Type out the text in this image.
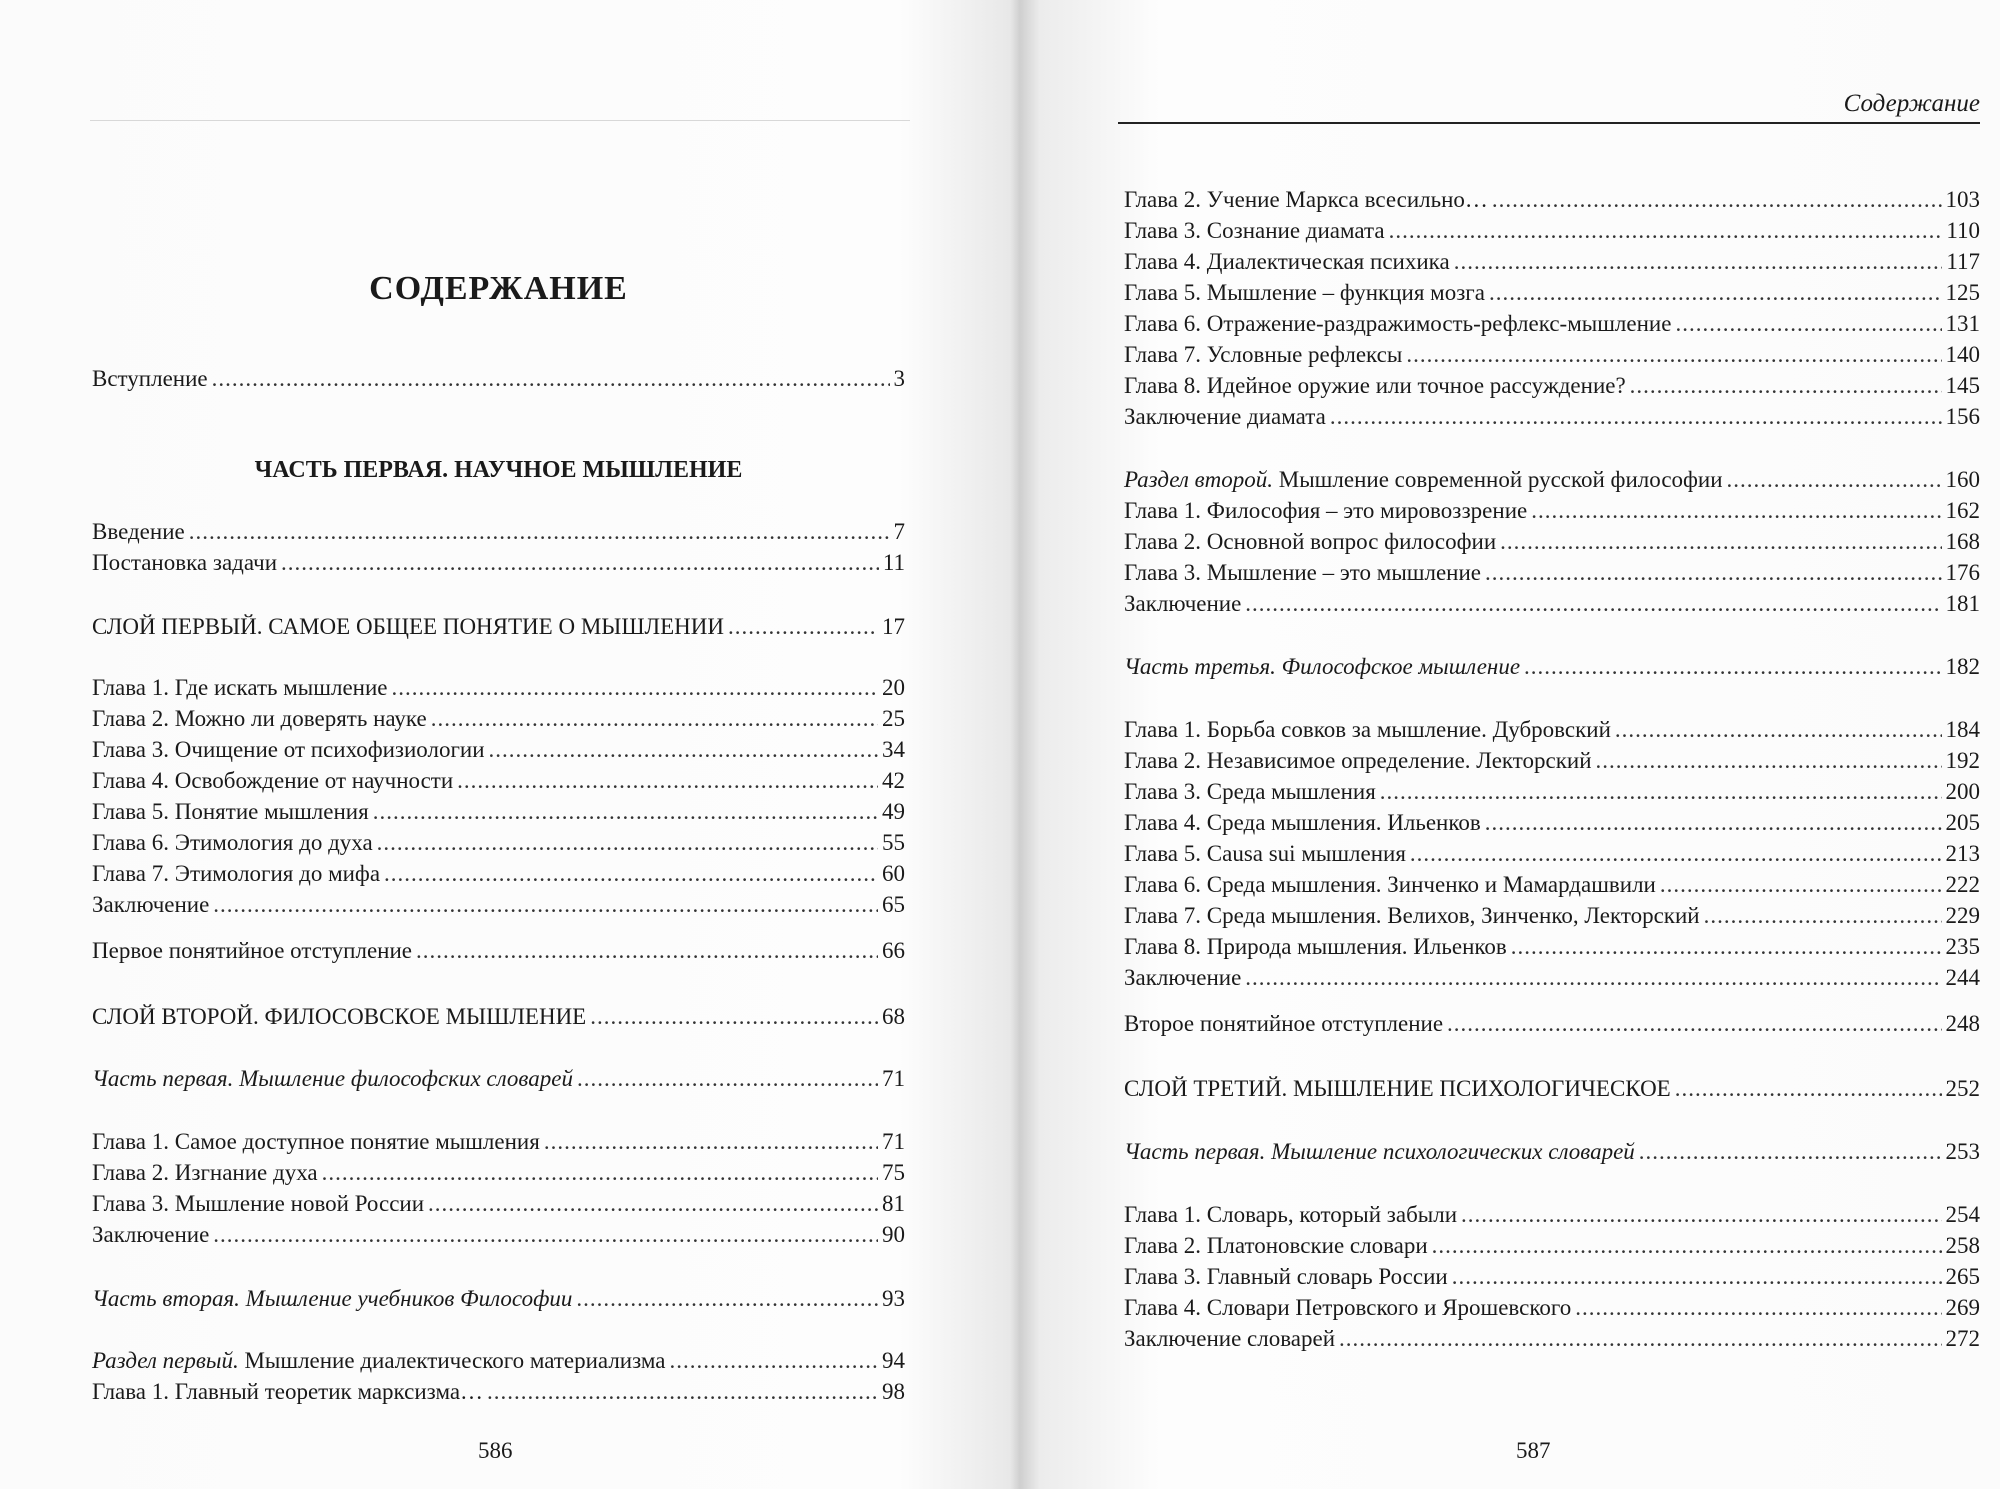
СОДЕРЖАНИЕ
Вступление .....	3
ЧАСТЬ ПЕРВАЯ. НАУЧНОЕ МЫШЛЕНИЕ
Введение .....	7
Постановка задачи .....	11
СЛОЙ ПЕРВЫЙ. САМОЕ ОБЩЕЕ ПОНЯТИЕ О МЫШЛЕНИИ .....	17
Глава 1. Где искать мышление .....	20
Глава 2. Можно ли доверять науке .....	25
Глава 3. Очищение от психофизиологии .....	34
Глава 4. Освобождение от научности .....	42
Глава 5. Понятие мышления .....	49
Глава 6. Этимология до духа .....	55
Глава 7. Этимология до мифа .....	60
Заключение .....	65
Первое понятийное отступление .....	66
СЛОЙ ВТОРОЙ. ФИЛОСОВСКОЕ МЫШЛЕНИЕ .....	68
Часть первая. Мышление философских словарей .....	71
Глава 1. Самое доступное понятие мышления .....	71
Глава 2. Изгнание духа .....	75
Глава 3. Мышление новой России .....	81
Заключение .....	90
Часть вторая. Мышление учебников Философии .....	93
Раздел первый. Мышление диалектического материализма .....	94
Глава 1. Главный теоретик марксизма… .....	98
586
Содержание
Глава 2. Учение Маркса всесильно… .....	103
Глава 3. Сознание диамата .....	110
Глава 4. Диалектическая психика .....	117
Глава 5. Мышление – функция мозга .....	125
Глава 6. Отражение-раздражимость-рефлекс-мышление .....	131
Глава 7. Условные рефлексы .....	140
Глава 8. Идейное оружие или точное рассуждение? .....	145
Заключение диамата .....	156
Раздел второй. Мышление современной русской философии .....	160
Глава 1. Философия – это мировоззрение .....	162
Глава 2. Основной вопрос философии .....	168
Глава 3. Мышление – это мышление .....	176
Заключение .....	181
Часть третья. Философское мышление .....	182
Глава 1. Борьба совков за мышление. Дубровский .....	184
Глава 2. Независимое определение. Лекторский .....	192
Глава 3. Среда мышления .....	200
Глава 4. Среда мышления. Ильенков .....	205
Глава 5. Causa sui мышления .....	213
Глава 6. Среда мышления. Зинченко и Мамардашвили .....	222
Глава 7. Среда мышления. Велихов, Зинченко, Лекторский .....	229
Глава 8. Природа мышления. Ильенков .....	235
Заключение .....	244
Второе понятийное отступление .....	248
СЛОЙ ТРЕТИЙ. МЫШЛЕНИЕ ПСИХОЛОГИЧЕСКОЕ .....	252
Часть первая. Мышление психологических словарей .....	253
Глава 1. Словарь, который забыли .....	254
Глава 2. Платоновские словари .....	258
Глава 3. Главный словарь России .....	265
Глава 4. Словари Петровского и Ярошевского .....	269
Заключение словарей .....	272
587
